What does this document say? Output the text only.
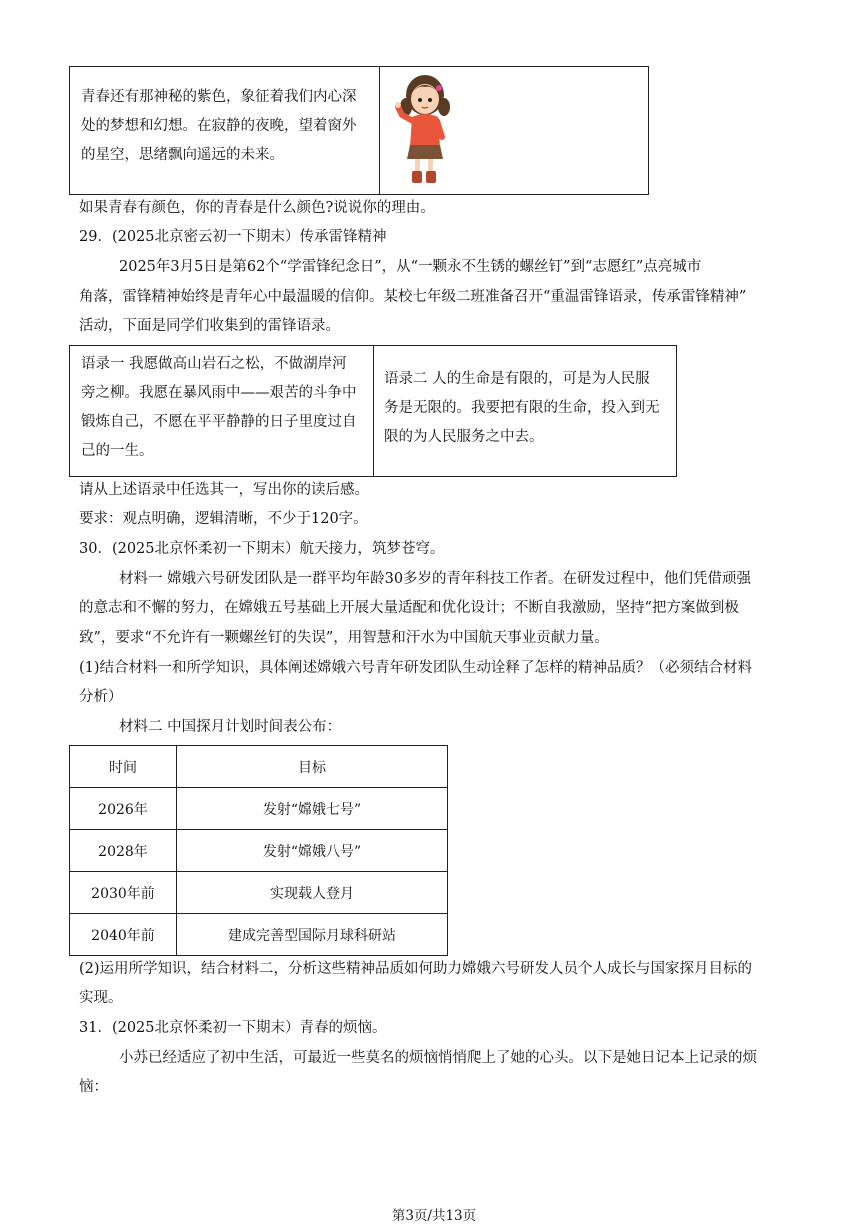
青春还有那神秘的紫色，象征着我们内心深
处的梦想和幻想。在寂静的夜晚，望着窗外
的星空，思绪飘向遥远的未来。
如果青春有颜色，你的青春是什么颜色?说说你的理由。
29．(2025北京密云初一下期末）传承雷锋精神
2025年3月5日是第62个“学雷锋纪念日”，从“一颗永不生锈的螺丝钉”到“志愿红”点亮城市
角落，雷锋精神始终是青年心中最温暖的信仰。某校七年级二班准备召开“重温雷锋语录，传承雷锋精神”
活动，下面是同学们收集到的雷锋语录。
语录一 我愿做高山岩石之松，不做湖岸河
旁之柳。我愿在暴风雨中——艰苦的斗争中
锻炼自己，不愿在平平静静的日子里度过自
己的一生。
语录二 人的生命是有限的，可是为人民服
务是无限的。我要把有限的生命，投入到无
限的为人民服务之中去。
请从上述语录中任选其一，写出你的读后感。
要求：观点明确，逻辑清晰，不少于120字。
30．(2025北京怀柔初一下期末）航天接力，筑梦苍穹。
材料一 嫦娥六号研发团队是一群平均年龄30多岁的青年科技工作者。在研发过程中，他们凭借顽强
的意志和不懈的努力，在嫦娥五号基础上开展大量适配和优化设计；不断自我激励，坚持“把方案做到极
致”，要求“不允许有一颗螺丝钉的失误”，用智慧和汗水为中国航天事业贡献力量。
(1)结合材料一和所学知识，具体阐述嫦娥六号青年研发团队生动诠释了怎样的精神品质？（必须结合材料
分析）
材料二 中国探月计划时间表公布：
时间	目标
2026年	发射“嫦娥七号”
2028年	发射“嫦娥八号”
2030年前	实现载人登月
2040年前	建成完善型国际月球科研站
(2)运用所学知识，结合材料二，分析这些精神品质如何助力嫦娥六号研发人员个人成长与国家探月目标的
实现。
31．(2025北京怀柔初一下期末）青春的烦恼。
小苏已经适应了初中生活，可最近一些莫名的烦恼悄悄爬上了她的心头。以下是她日记本上记录的烦
恼：
第3页/共13页
